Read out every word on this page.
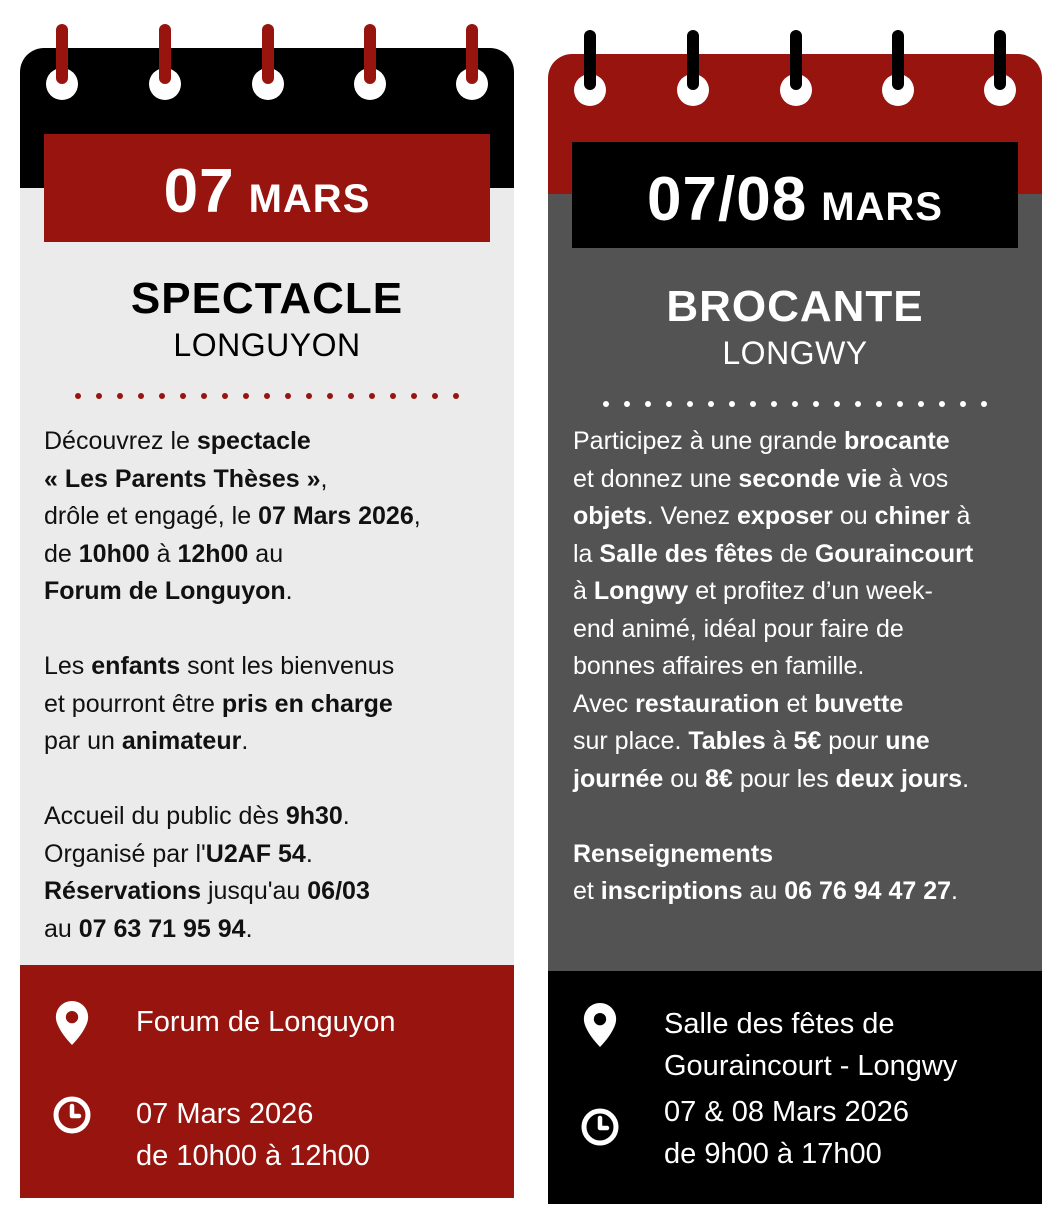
07 MARS
SPECTACLE
LONGUYON

Découvrez le spectacle
« Les Parents Thèses »,
drôle et engagé, le 07 Mars 2026,
de 10h00 à 12h00 au
Forum de Longuyon.

Les enfants sont les bienvenus
et pourront être pris en charge
par un animateur.

Accueil du public dès 9h30.
Organisé par l'U2AF 54.
Réservations jusqu'au 06/03
au 07 63 71 95 94.

Forum de Longuyon
07 Mars 2026
de 10h00 à 12h00
07/08 MARS
BROCANTE
LONGWY

Participez à une grande brocante
et donnez une seconde vie à vos
objets. Venez exposer ou chiner à
la Salle des fêtes de Gouraincourt
à Longwy et profitez d’un week-
end animé, idéal pour faire de
bonnes affaires en famille.
Avec restauration et buvette
sur place. Tables à 5€ pour une
journée ou 8€ pour les deux jours.

Renseignements
et inscriptions au 06 76 94 47 27.

Salle des fêtes de
Gouraincourt - Longwy
07 & 08 Mars 2026
de 9h00 à 17h00
